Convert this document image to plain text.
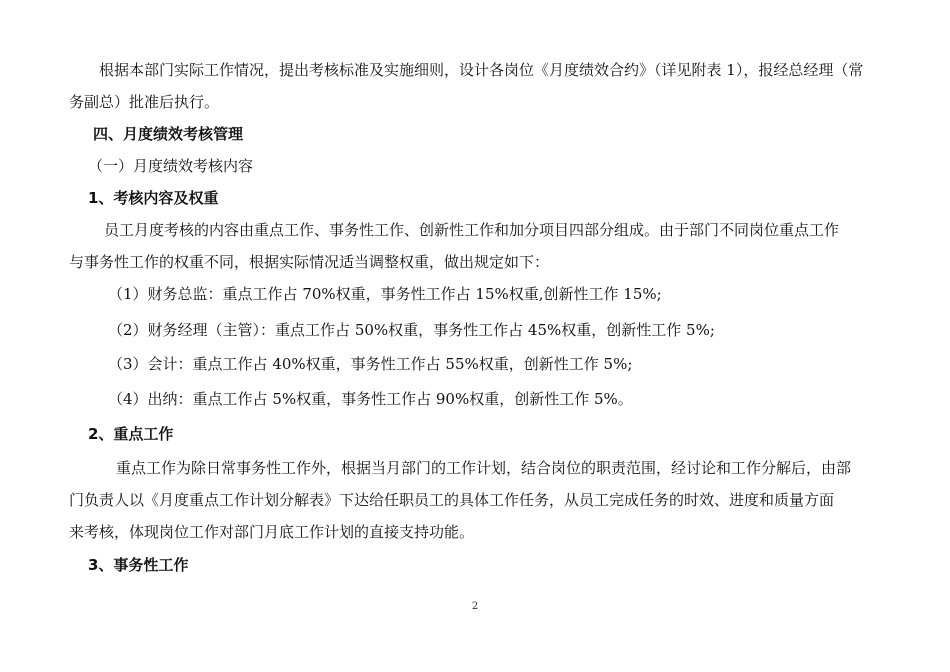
根据本部门实际工作情况，提出考核标准及实施细则，设计各岗位《月度绩效合约》（详见附表 1），报经总经理（常
务副总）批准后执行。
四、月度绩效考核管理
（一）月度绩效考核内容
1、考核内容及权重
员工月度考核的内容由重点工作、事务性工作、创新性工作和加分项目四部分组成。由于部门不同岗位重点工作
与事务性工作的权重不同，根据实际情况适当调整权重，做出规定如下：
（1）财务总监：重点工作占 70%权重，事务性工作占 15%权重,创新性工作 15%;
（2）财务经理（主管）：重点工作占 50%权重，事务性工作占 45%权重，创新性工作 5%;
（3）会计：重点工作占 40%权重，事务性工作占 55%权重，创新性工作 5%;
（4）出纳：重点工作占 5%权重，事务性工作占 90%权重，创新性工作 5%。
2、重点工作
重点工作为除日常事务性工作外，根据当月部门的工作计划，结合岗位的职责范围，经讨论和工作分解后，由部
门负责人以《月度重点工作计划分解表》下达给任职员工的具体工作任务，从员工完成任务的时效、进度和质量方面
来考核，体现岗位工作对部门月底工作计划的直接支持功能。
3、事务性工作
2
